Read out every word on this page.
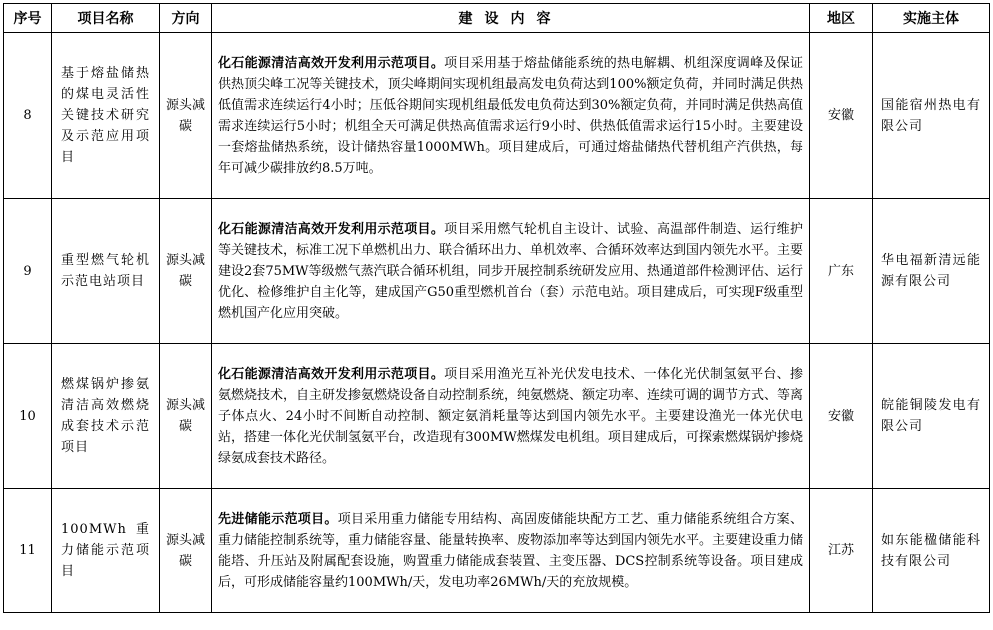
序号	项目名称	方向	建设内容	地区	实施主体
8	基于熔盐储热的煤电灵活性关键技术研究及示范应用项目	源头减碳	化石能源清洁高效开发利用示范项目。项目采用基于熔盐储能系统的热电解耦、机组深度调峰及保证供热顶尖峰工况等关键技术，顶尖峰期间实现机组最高发电负荷达到100%额定负荷，并同时满足供热低值需求连续运行4小时；压低谷期间实现机组最低发电负荷达到30%额定负荷，并同时满足供热高值需求连续运行5小时；机组全天可满足供热高值需求运行9小时、供热低值需求运行15小时。主要建设一套熔盐储热系统，设计储热容量1000MWh。项目建成后，可通过熔盐储热代替机组产汽供热，每年可减少碳排放约8.5万吨。	安徽	国能宿州热电有限公司
9	重型燃气轮机示范电站项目	源头减碳	化石能源清洁高效开发利用示范项目。项目采用燃气轮机自主设计、试验、高温部件制造、运行维护等关键技术，标准工况下单燃机出力、联合循环出力、单机效率、合循环效率达到国内领先水平。主要建设2套75MW等级燃气蒸汽联合循环机组，同步开展控制系统研发应用、热通道部件检测评估、运行优化、检修维护自主化等，建成国产G50重型燃机首台（套）示范电站。项目建成后，可实现F级重型燃机国产化应用突破。	广东	华电福新清远能源有限公司
10	燃煤锅炉掺氨清洁高效燃烧成套技术示范项目	源头减碳	化石能源清洁高效开发利用示范项目。项目采用渔光互补光伏发电技术、一体化光伏制氢氨平台、掺氨燃烧技术，自主研发掺氨燃烧设备自动控制系统，纯氨燃烧、额定功率、连续可调的调节方式、等离子体点火、24小时不间断自动控制、额定氨消耗量等达到国内领先水平。主要建设渔光一体光伏电站，搭建一体化光伏制氢氨平台，改造现有300MW燃煤发电机组。项目建成后，可探索燃煤锅炉掺烧绿氨成套技术路径。	安徽	皖能铜陵发电有限公司
11	100MWh重力储能示范项目	源头减碳	先进储能示范项目。项目采用重力储能专用结构、高固废储能块配方工艺、重力储能系统组合方案、重力储能控制系统等，重力储能容量、能量转换率、废物添加率等达到国内领先水平。主要建设重力储能塔、升压站及附属配套设施，购置重力储能成套装置、主变压器、DCS控制系统等设备。项目建成后，可形成储能容量约100MWh/天，发电功率26MWh/天的充放规模。	江苏	如东能楹储能科技有限公司
